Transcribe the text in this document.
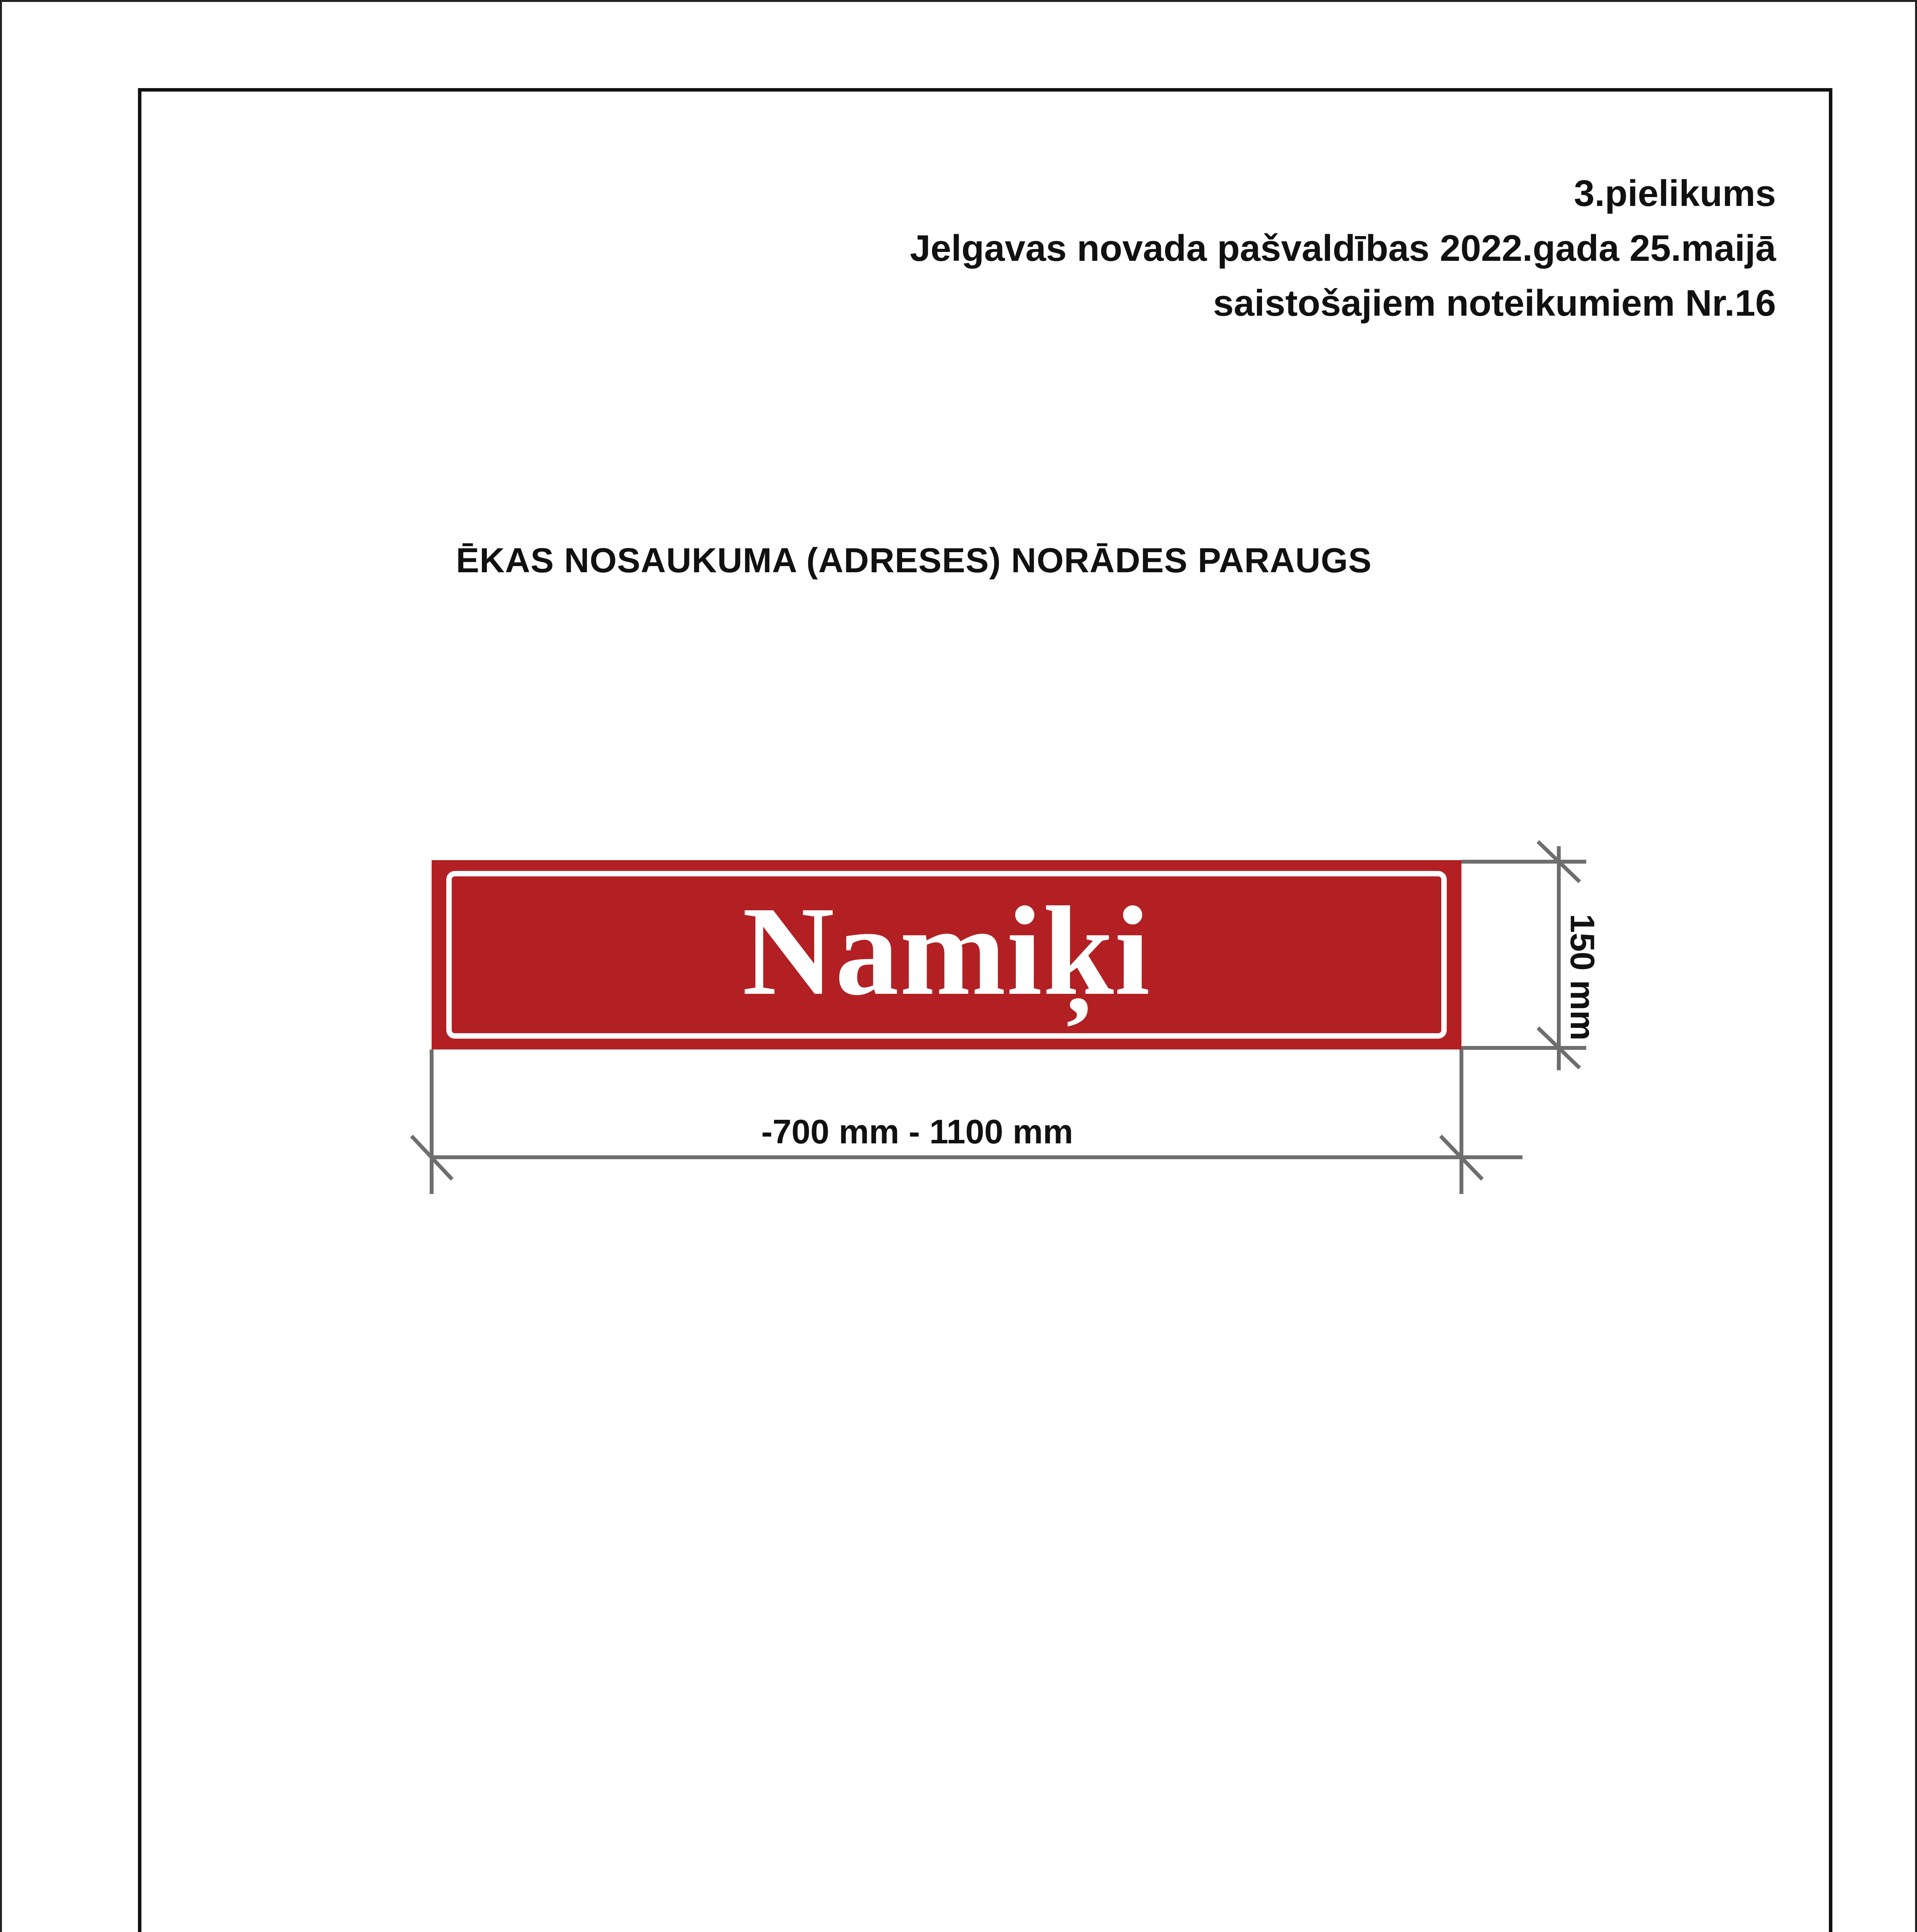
3.pielikums
Jelgavas novada pašvaldības 2022.gada 25.maijā
saistošajiem noteikumiem Nr.16
ĒKAS NOSAUKUMA (ADRESES) NORĀDES PARAUGS
Namiķi
-700 mm - 1100 mm
150 mm
